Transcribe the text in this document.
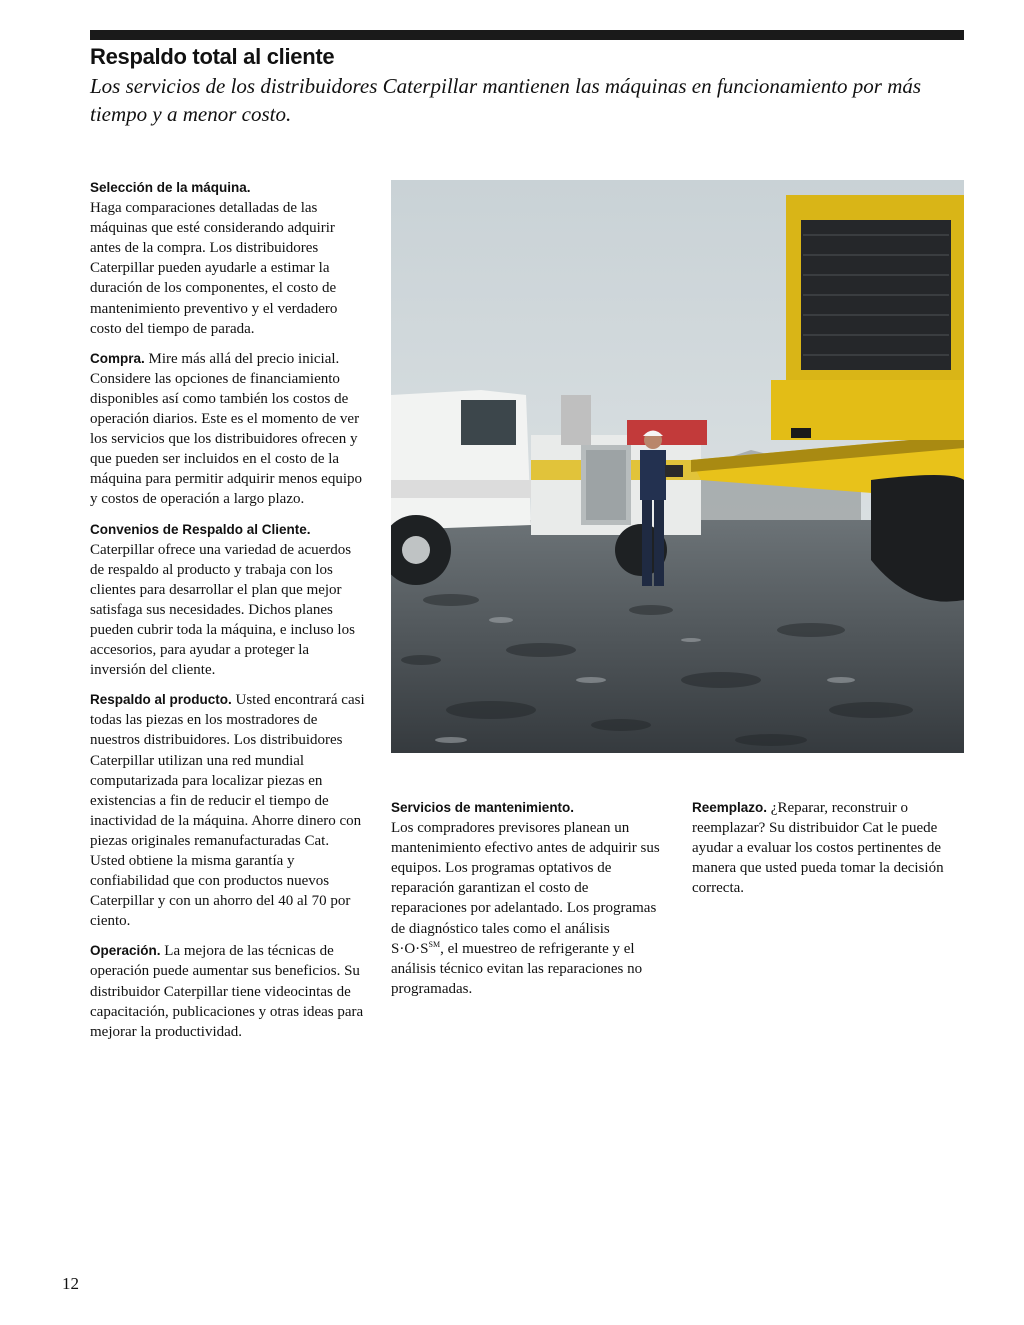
Respaldo total al cliente

Los servicios de los distribuidores Caterpillar mantienen las máquinas en funcionamiento por más tiempo y a menor costo.

Selección de la máquina.
Haga comparaciones detalladas de las máquinas que esté considerando adquirir antes de la compra. Los distribuidores Caterpillar pueden ayudarle a estimar la duración de los componentes, el costo de mantenimiento preventivo y el verdadero costo del tiempo de parada.

Compra. Mire más allá del precio inicial. Considere las opciones de financiamiento disponibles así como también los costos de operación diarios. Este es el momento de ver los servicios que los distribuidores ofrecen y que pueden ser incluidos en el costo de la máquina para permitir adquirir menos equipo y costos de operación a largo plazo.

Convenios de Respaldo al Cliente.
Caterpillar ofrece una variedad de acuerdos de respaldo al producto y trabaja con los clientes para desarrollar el plan que mejor satisfaga sus necesidades. Dichos planes pueden cubrir toda la máquina, e incluso los accesorios, para ayudar a proteger la inversión del cliente.

Respaldo al producto. Usted encontrará casi todas las piezas en los mostradores de nuestros distribuidores. Los distribuidores Caterpillar utilizan una red mundial computarizada para localizar piezas en existencias a fin de reducir el tiempo de inactividad de la máquina. Ahorre dinero con piezas originales remanufacturadas Cat. Usted obtiene la misma garantía y confiabilidad que con productos nuevos Caterpillar y con un ahorro del 40 al 70 por ciento.

Operación. La mejora de las técnicas de operación puede aumentar sus beneficios. Su distribuidor Caterpillar tiene videocintas de capacitación, publicaciones y otras ideas para mejorar la productividad.

Servicios de mantenimiento.
Los compradores previsores planean un mantenimiento efectivo antes de adquirir sus equipos. Los programas optativos de reparación garantizan el costo de reparaciones por adelantado. Los programas de diagnóstico tales como el análisis S·O·S℠, el muestreo de refrigerante y el análisis técnico evitan las reparaciones no programadas.

Reemplazo. ¿Reparar, reconstruir o reemplazar? Su distribuidor Cat le puede ayudar a evaluar los costos pertinentes de manera que usted pueda tomar la decisión correcta.

12
